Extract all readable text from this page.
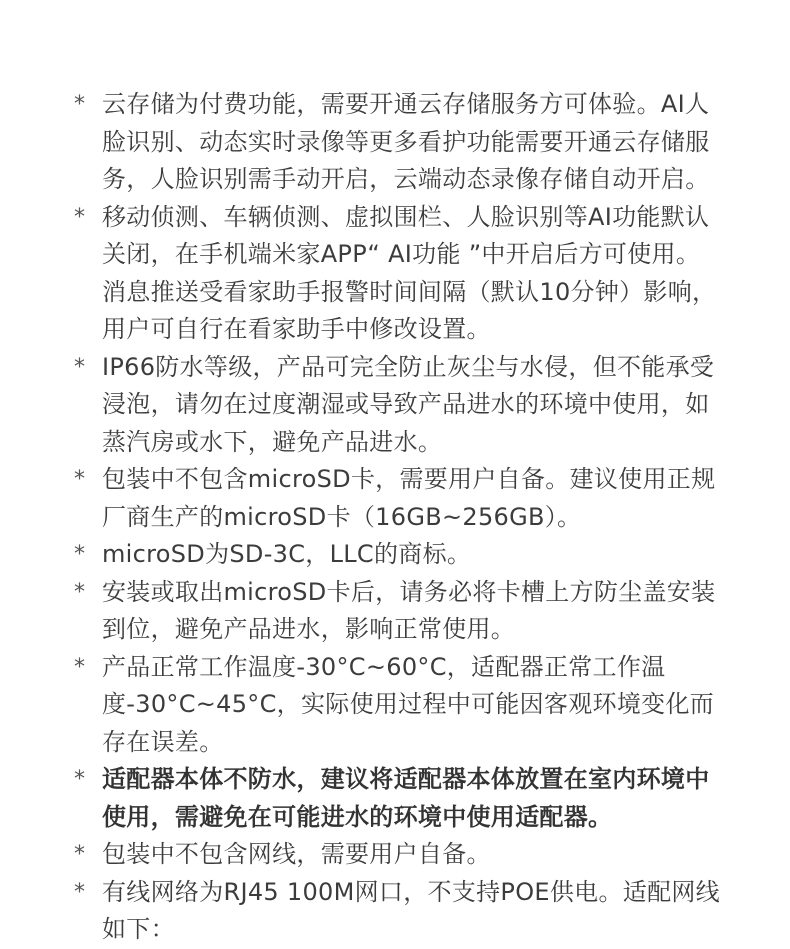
* 云存储为付费功能，需要开通云存储服务方可体验。AI人脸识别、动态实时录像等更多看护功能需要开通云存储服务，人脸识别需手动开启，云端动态录像存储自动开启。
* 移动侦测、车辆侦测、虚拟围栏、人脸识别等AI功能默认关闭，在手机端米家APP“ AI功能 ”中开启后方可使用。消息推送受看家助手报警时间间隔（默认10分钟）影响，用户可自行在看家助手中修改设置。
* IP66防水等级，产品可完全防止灰尘与水侵，但不能承受浸泡，请勿在过度潮湿或导致产品进水的环境中使用，如蒸汽房或水下，避免产品进水。
* 包装中不包含microSD卡，需要用户自备。建议使用正规厂商生产的microSD卡（16GB~256GB）。
* microSD为SD-3C，LLC的商标。
* 安装或取出microSD卡后，请务必将卡槽上方防尘盖安装到位，避免产品进水，影响正常使用。
* 产品正常工作温度-30°C~60°C，适配器正常工作温度-30°C~45°C，实际使用过程中可能因客观环境变化而存在误差。
* 适配器本体不防水，建议将适配器本体放置在室内环境中使用，需避免在可能进水的环境中使用适配器。
* 包装中不包含网线，需要用户自备。
* 有线网络为RJ45 100M网口，不支持POE供电。适配网线如下：
